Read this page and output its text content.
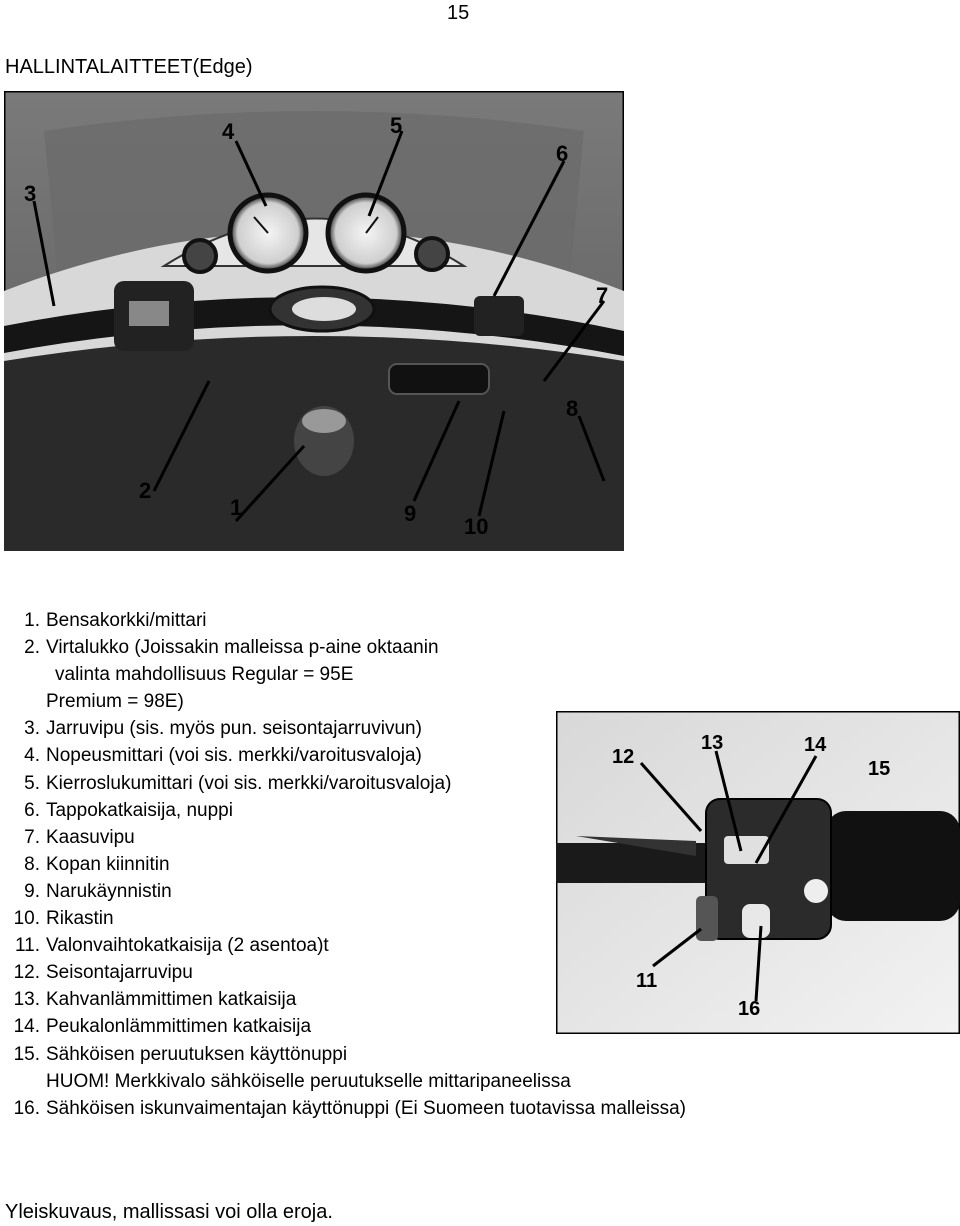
15
HALLINTALAITTEET(Edge)
1
2
3
4	5
6
7
8
9
10
11
12
13	14
15
16
1. Bensakorkki/mittari
2. Virtalukko (Joissakin malleissa p-aine oktaanin
valinta mahdollisuus Regular = 95E
Premium = 98E)
3. Jarruvipu (sis. myös pun. seisontajarruvivun)
4. Nopeusmittari (voi sis. merkki/varoitusvaloja)
5. Kierroslukumittari (voi sis. merkki/varoitusvaloja)
6. Tappokatkaisija, nuppi
7. Kaasuvipu
8. Kopan kiinnitin
9. Narukäynnistin
10. Rikastin
11. Valonvaihtokatkaisija (2 asentoa)t
12. Seisontajarruvipu
13. Kahvanlämmittimen katkaisija
14. Peukalonlämmittimen katkaisija
15. Sähköisen peruutuksen käyttönuppi
HUOM! Merkkivalo sähköiselle peruutukselle mittaripaneelissa
16. Sähköisen iskunvaimentajan käyttönuppi (Ei Suomeen tuotavissa malleissa)
Yleiskuvaus, mallissasi voi olla eroja.
